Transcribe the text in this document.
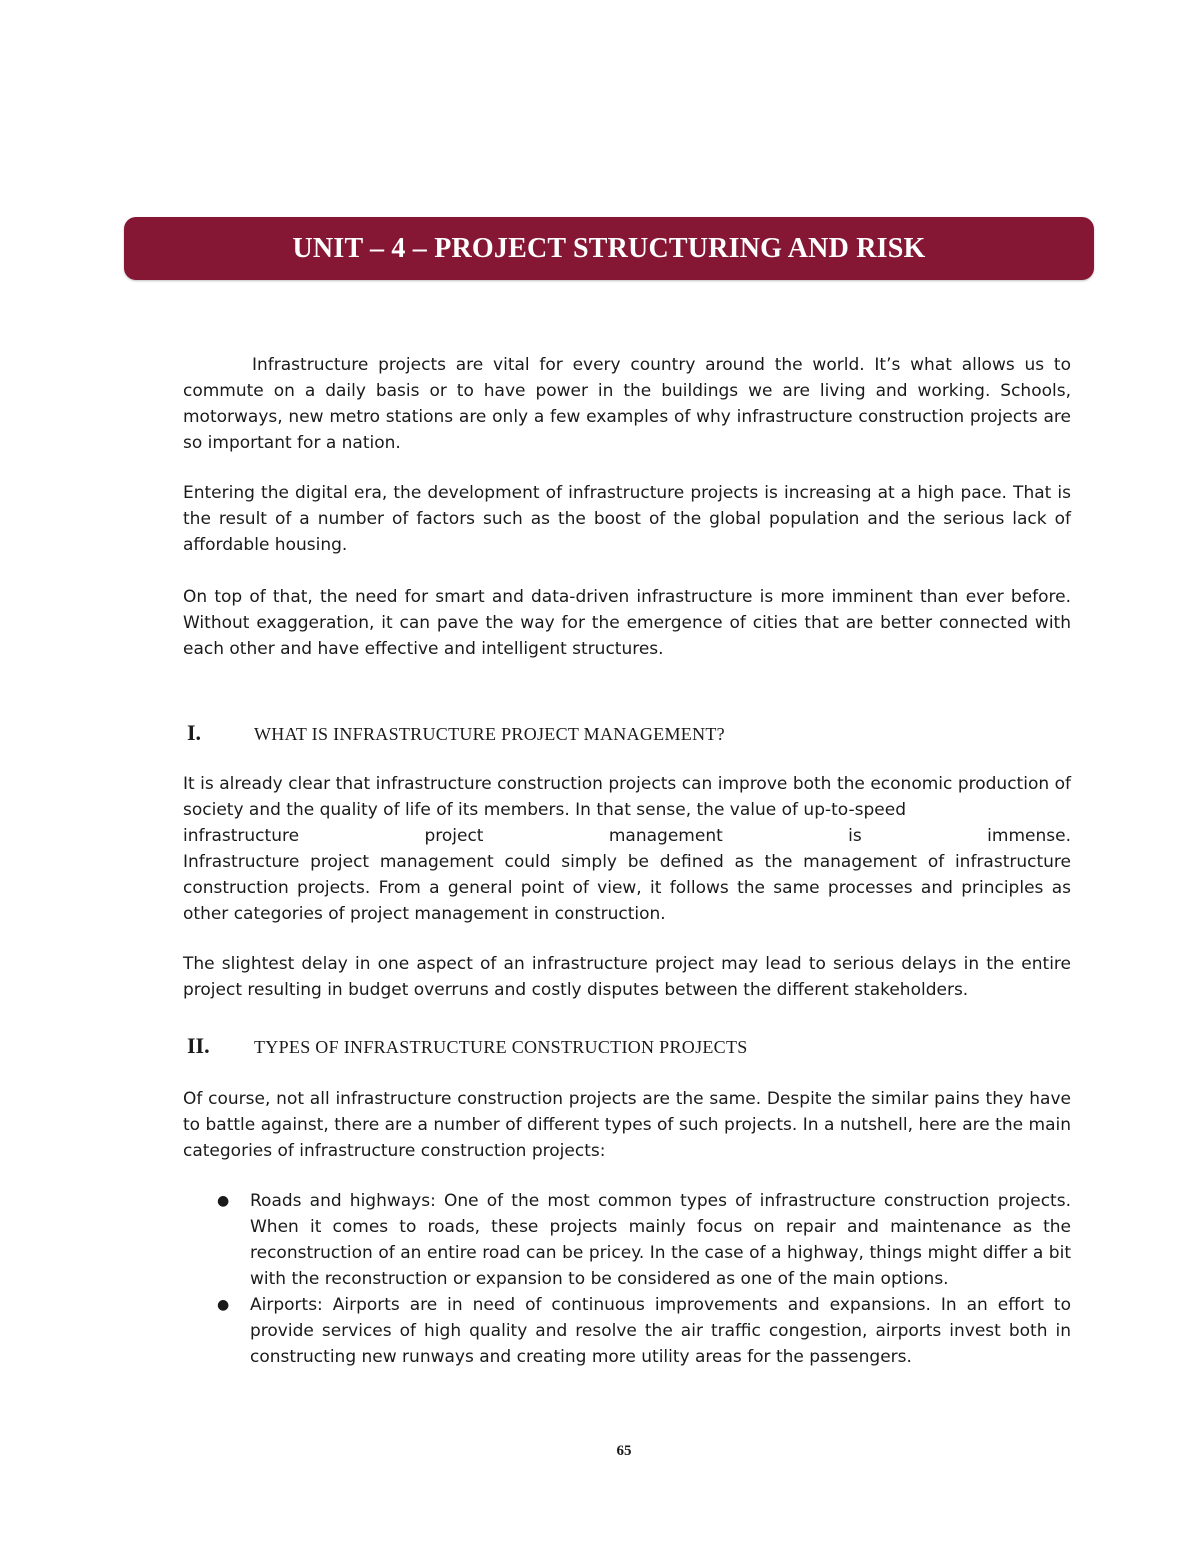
UNIT – 4 – PROJECT STRUCTURING AND RISK

Infrastructure projects are vital for every country around the world. It’s what allows us to commute on a daily basis or to have power in the buildings we are living and working. Schools, motorways, new metro stations are only a few examples of why infrastructure construction projects are so important for a nation.

Entering the digital era, the development of infrastructure projects is increasing at a high pace. That is the result of a number of factors such as the boost of the global population and the serious lack of affordable housing.

On top of that, the need for smart and data-driven infrastructure is more imminent than ever before. Without exaggeration, it can pave the way for the emergence of cities that are better connected with each other and have effective and intelligent structures.

I.	WHAT IS INFRASTRUCTURE PROJECT MANAGEMENT?

It is already clear that infrastructure construction projects can improve both the economic production of society and the quality of life of its members. In that sense, the value of up-to-speed

infrastructure	project	management	is	immense.

Infrastructure project management could simply be defined as the management of infrastructure construction projects. From a general point of view, it follows the same processes and principles as other categories of project management in construction.

The slightest delay in one aspect of an infrastructure project may lead to serious delays in the entire project resulting in budget overruns and costly disputes between the different stakeholders.

II.	TYPES OF INFRASTRUCTURE CONSTRUCTION PROJECTS

Of course, not all infrastructure construction projects are the same. Despite the similar pains they have to battle against, there are a number of different types of such projects. In a nutshell, here are the main categories of infrastructure construction projects:

● Roads and highways: One of the most common types of infrastructure construction projects. When it comes to roads, these projects mainly focus on repair and maintenance as the reconstruction of an entire road can be pricey. In the case of a highway, things might differ a bit with the reconstruction or expansion to be considered as one of the main options.
● Airports: Airports are in need of continuous improvements and expansions. In an effort to provide services of high quality and resolve the air traffic congestion, airports invest both in constructing new runways and creating more utility areas for the passengers.
65
